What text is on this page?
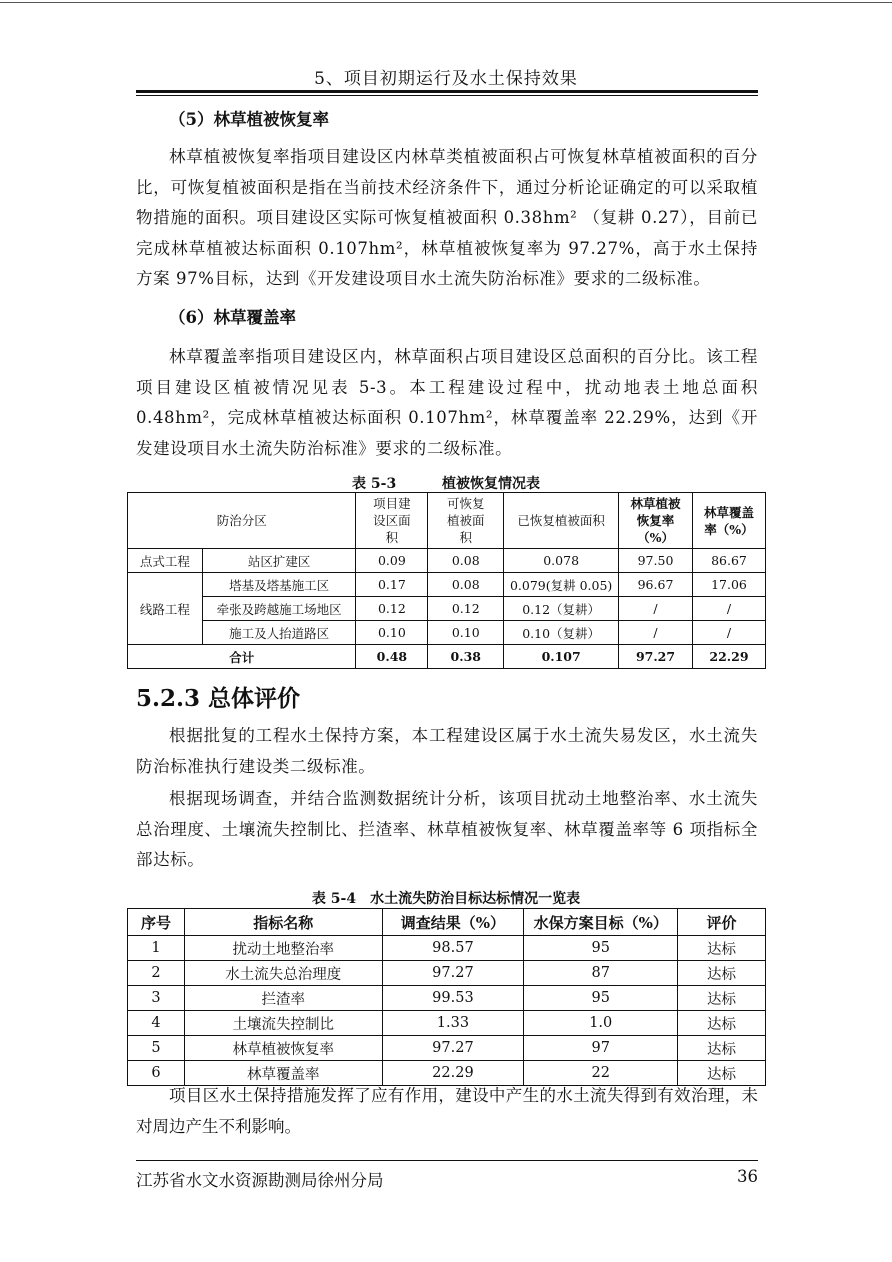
5、项目初期运行及水土保持效果
（5）林草植被恢复率

林草植被恢复率指项目建设区内林草类植被面积占可恢复林草植被面积的百分比，可恢复植被面积是指在当前技术经济条件下，通过分析论证确定的可以采取植物措施的面积。项目建设区实际可恢复植被面积 0.38hm² （复耕 0.27），目前已完成林草植被达标面积 0.107hm²，林草植被恢复率为 97.27%，高于水土保持方案 97%目标，达到《开发建设项目水土流失防治标准》要求的二级标准。

（6）林草覆盖率

林草覆盖率指项目建设区内，林草面积占项目建设区总面积的百分比。该工程项目建设区植被情况见表 5-3。本工程建设过程中，扰动地表土地总面积0.48hm²，完成林草植被达标面积 0.107hm²，林草覆盖率 22.29%，达到《开发建设项目水土流失防治标准》要求的二级标准。

表 5-3	植被恢复情况表
防治分区		项目建设区面积	可恢复植被面积	已恢复植被面积	林草植被恢复率（%）	林草覆盖率（%）

点式工程	站区扩建区	0.09	0.08	0.078	97.50	86.67
线路工程	塔基及塔基施工区	0.17	0.08	0.079(复耕 0.05)	96.67	17.06
	牵张及跨越施工场地区	0.12	0.12	0.12（复耕）	/	/
	施工及人抬道路区	0.10	0.10	0.10（复耕）	/	/
合计		0.48	0.38	0.107	97.27	22.29
5.2.3 总体评价

根据批复的工程水土保持方案，本工程建设区属于水土流失易发区，水土流失防治标准执行建设类二级标准。

根据现场调查，并结合监测数据统计分析，该项目扰动土地整治率、水土流失总治理度、土壤流失控制比、拦渣率、林草植被恢复率、林草覆盖率等 6 项指标全部达标。

表 5-4　水土流失防治目标达标情况一览表
序号	指标名称	调查结果（%）	水保方案目标（%）	评价
1	扰动土地整治率	98.57	95	达标
2	水土流失总治理度	97.27	87	达标
3	拦渣率	99.53	95	达标
4	土壤流失控制比	1.33	1.0	达标
5	林草植被恢复率	97.27	97	达标
6	林草覆盖率	22.29	22	达标

项目区水土保持措施发挥了应有作用，建设中产生的水土流失得到有效治理，未对周边产生不利影响。

江苏省水文水资源勘测局徐州分局	36
